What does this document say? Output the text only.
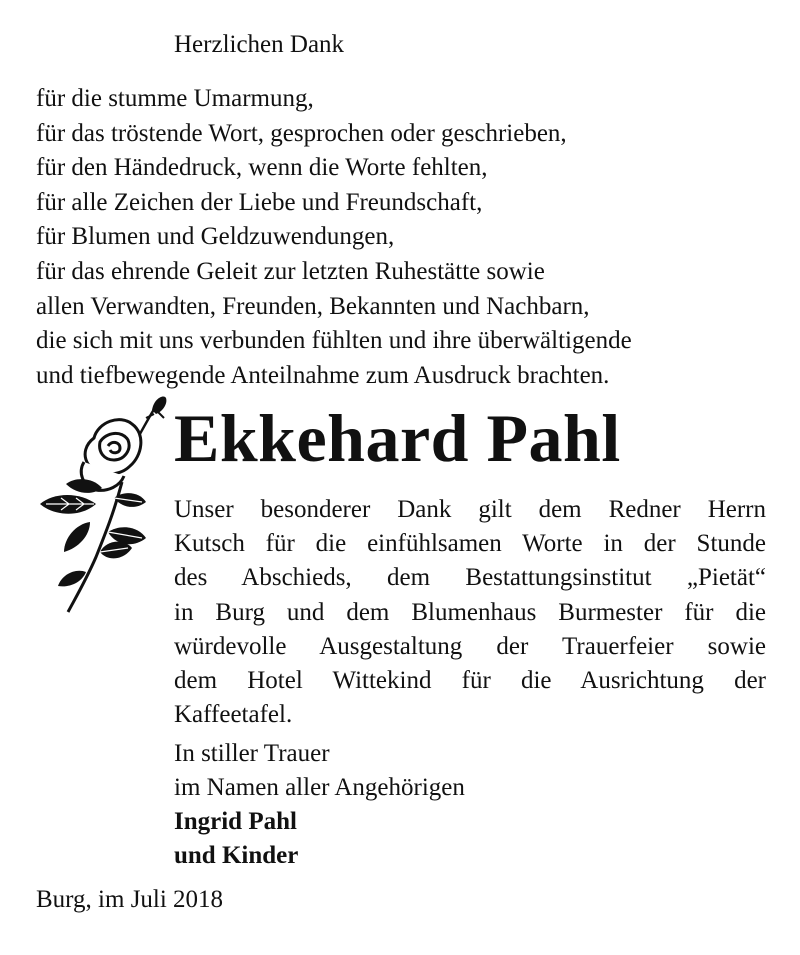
Herzlichen Dank
für die stumme Umarmung,
für das tröstende Wort, gesprochen oder geschrieben,
für den Händedruck, wenn die Worte fehlten,
für alle Zeichen der Liebe und Freundschaft,
für Blumen und Geldzuwendungen,
für das ehrende Geleit zur letzten Ruhestätte sowie
allen Verwandten, Freunden, Bekannten und Nachbarn,
die sich mit uns verbunden fühlten und ihre überwältigende
und tiefbewegende Anteilnahme zum Ausdruck brachten.
Ekkehard Pahl
Unser besonderer Dank gilt dem Redner Herrn
Kutsch für die einfühlsamen Worte in der Stunde
des Abschieds, dem Bestattungsinstitut „Pietät“
in Burg und dem Blumenhaus Burmester für die
würdevolle Ausgestaltung der Trauerfeier sowie
dem Hotel Wittekind für die Ausrichtung der
Kaffeetafel.
In stiller Trauer
im Namen aller Angehörigen
Ingrid Pahl
und Kinder
Burg, im Juli 2018
